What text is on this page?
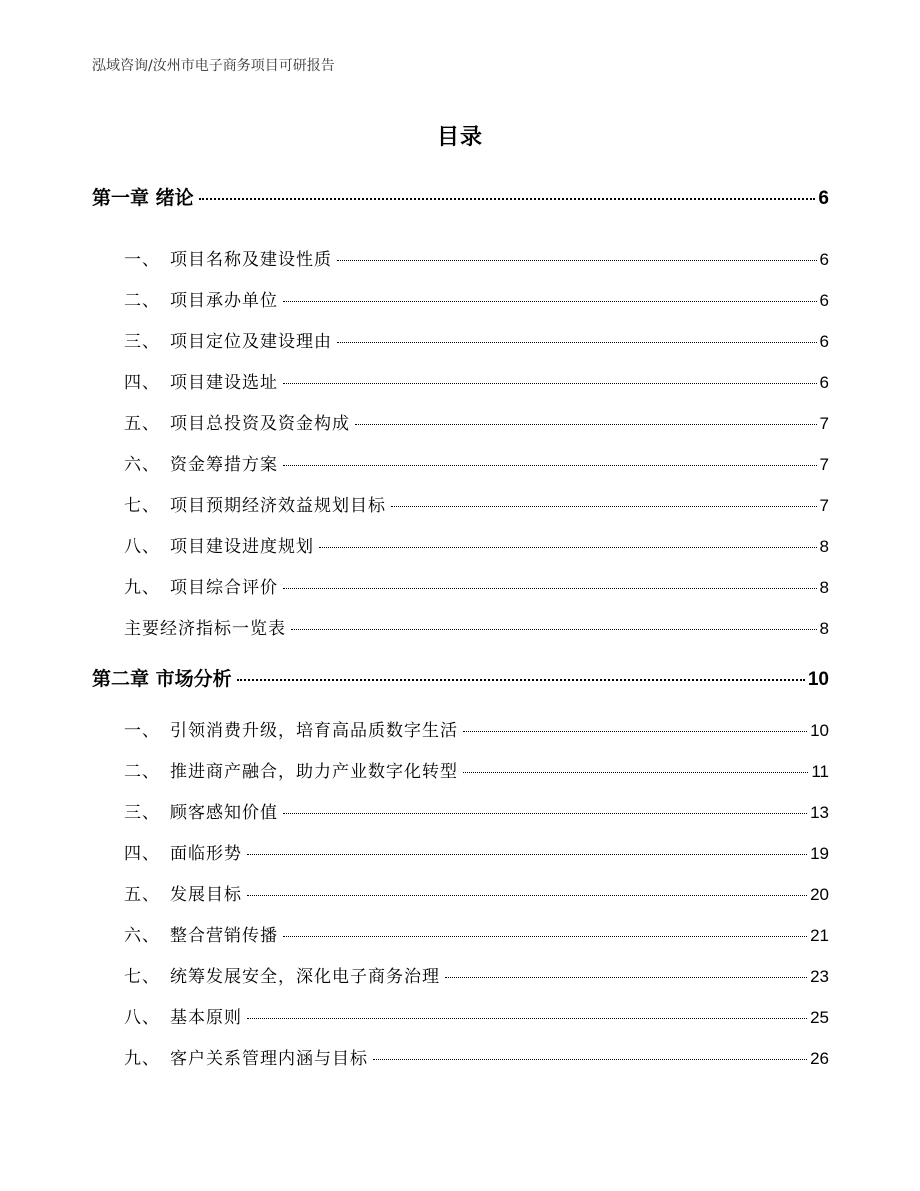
泓域咨询/汝州市电子商务项目可研报告
目录
第一章 绪论	6
一、 项目名称及建设性质	6
二、 项目承办单位	6
三、 项目定位及建设理由	6
四、 项目建设选址	6
五、 项目总投资及资金构成	7
六、 资金筹措方案	7
七、 项目预期经济效益规划目标	7
八、 项目建设进度规划	8
九、 项目综合评价	8
主要经济指标一览表	8
第二章 市场分析	10
一、 引领消费升级，培育高品质数字生活	10
二、 推进商产融合，助力产业数字化转型	11
三、 顾客感知价值	13
四、 面临形势	19
五、 发展目标	20
六、 整合营销传播	21
七、 统筹发展安全，深化电子商务治理	23
八、 基本原则	25
九、 客户关系管理内涵与目标	26
